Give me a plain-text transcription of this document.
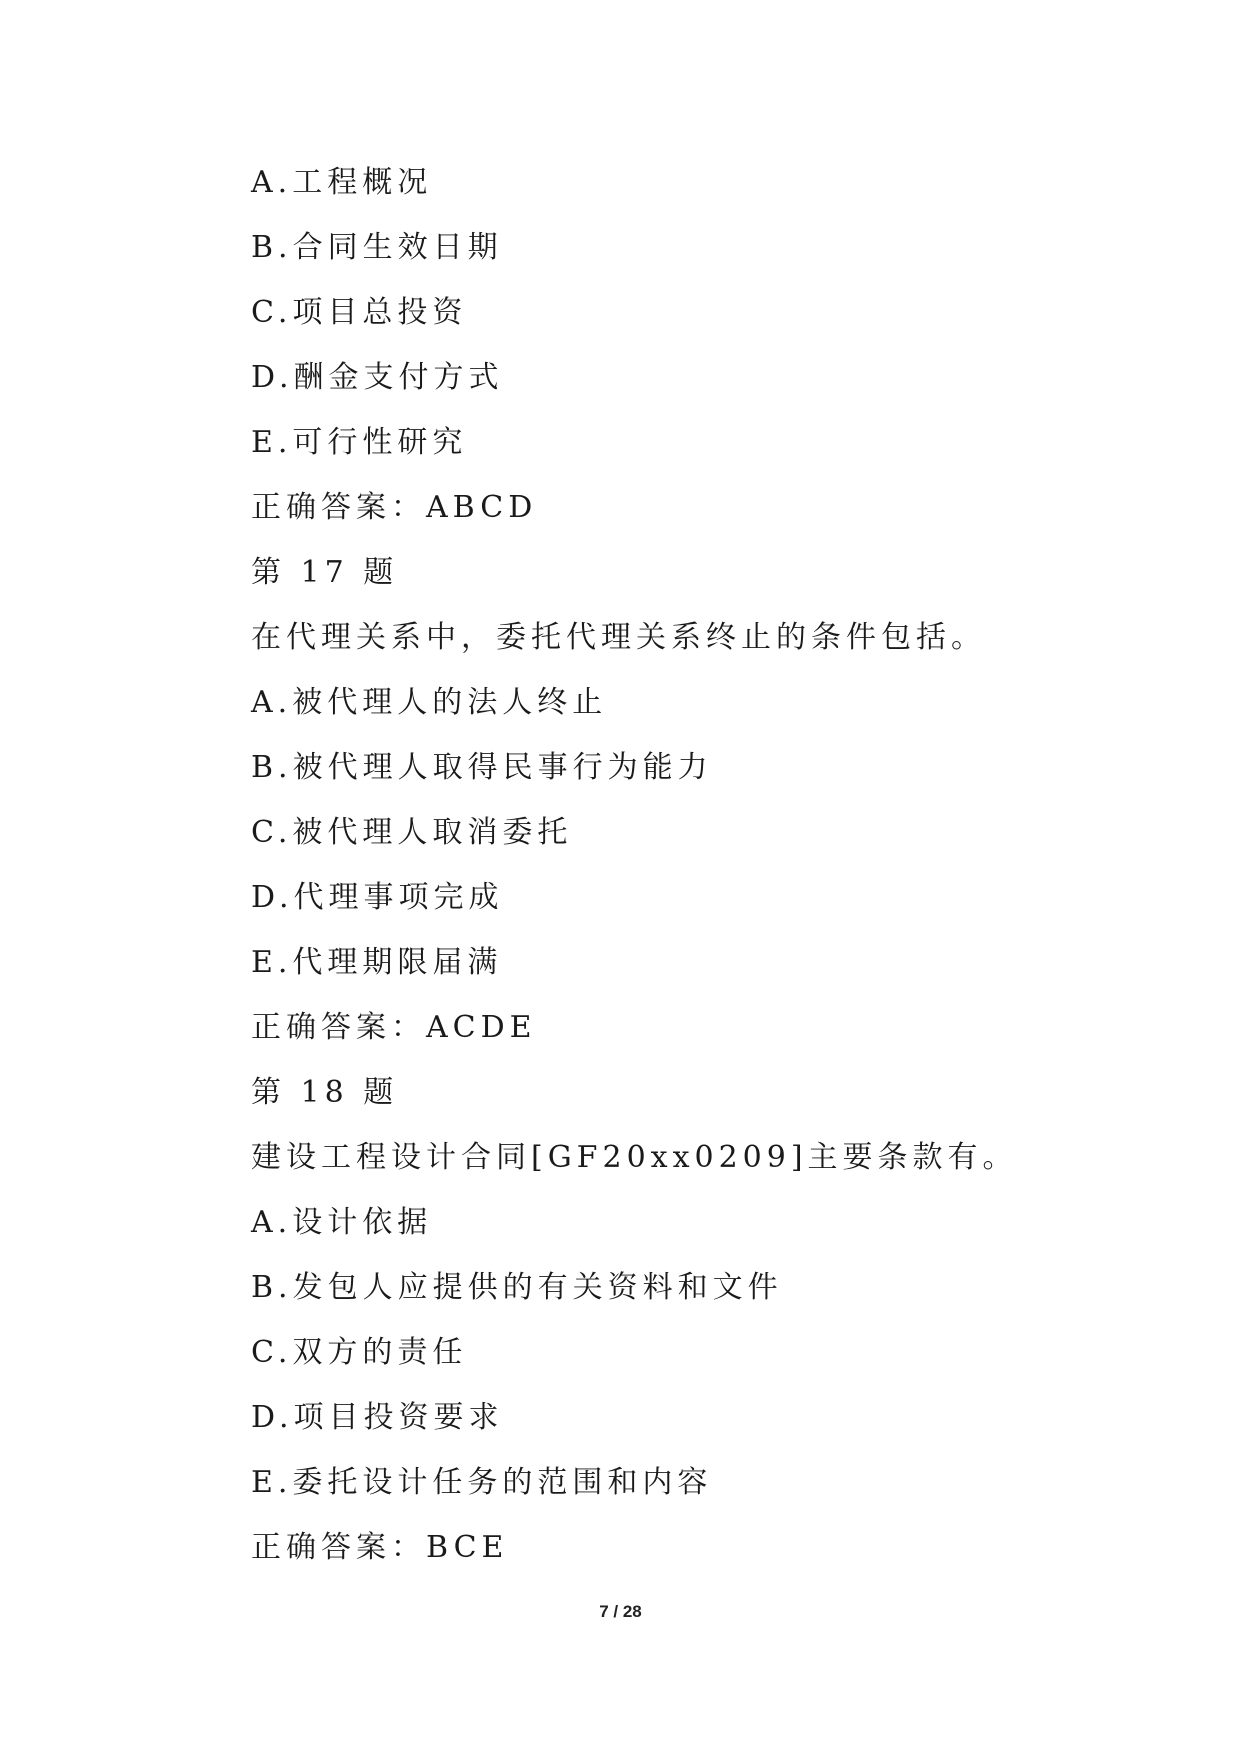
A.工程概况
B.合同生效日期
C.项目总投资
D.酬金支付方式
E.可行性研究
正确答案：ABCD
第 17 题
在代理关系中，委托代理关系终止的条件包括。
A.被代理人的法人终止
B.被代理人取得民事行为能力
C.被代理人取消委托
D.代理事项完成
E.代理期限届满
正确答案：ACDE
第 18 题
建设工程设计合同[GF20xx0209]主要条款有。
A.设计依据
B.发包人应提供的有关资料和文件
C.双方的责任
D.项目投资要求
E.委托设计任务的范围和内容
正确答案：BCE
7 / 28
